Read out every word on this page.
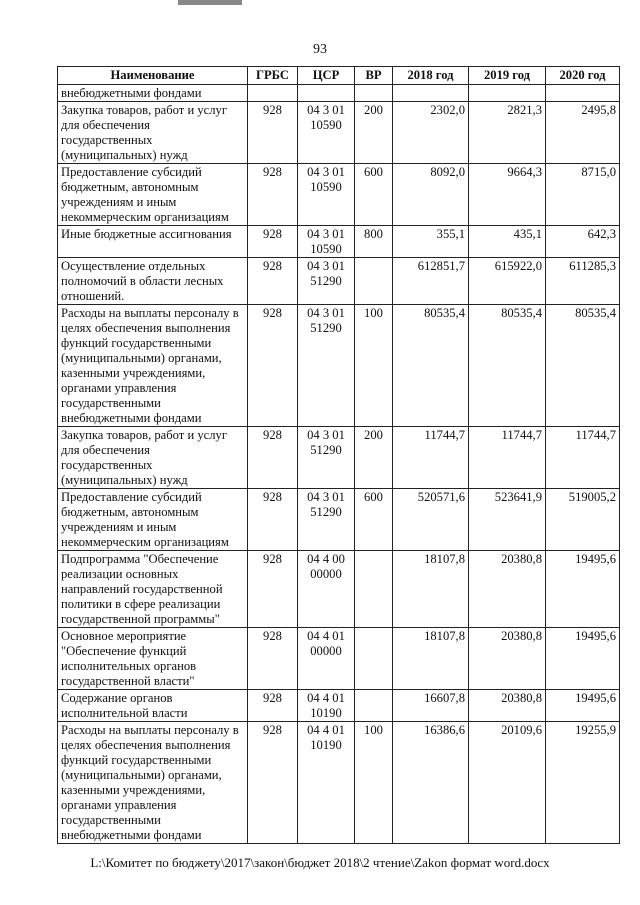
93
Наименование	ГРБС	ЦСР	ВР	2018 год	2019 год	2020 год
внебюджетными фондами						
Закупка товаров, работ и услуг для обеспечения государственных (муниципальных) нужд	928	04 3 01 10590	200	2302,0	2821,3	2495,8
Предоставление субсидий бюджетным, автономным учреждениям и иным некоммерческим организациям	928	04 3 01 10590	600	8092,0	9664,3	8715,0
Иные бюджетные ассигнования	928	04 3 01 10590	800	355,1	435,1	642,3
Осуществление отдельных полномочий в области лесных отношений.	928	04 3 01 51290		612851,7	615922,0	611285,3
Расходы на выплаты персоналу в целях обеспечения выполнения функций государственными (муниципальными) органами, казенными учреждениями, органами управления государственными внебюджетными фондами	928	04 3 01 51290	100	80535,4	80535,4	80535,4
Закупка товаров, работ и услуг для обеспечения государственных (муниципальных) нужд	928	04 3 01 51290	200	11744,7	11744,7	11744,7
Предоставление субсидий бюджетным, автономным учреждениям и иным некоммерческим организациям	928	04 3 01 51290	600	520571,6	523641,9	519005,2
Подпрограмма "Обеспечение реализации основных направлений государственной политики в сфере реализации государственной программы"	928	04 4 00 00000		18107,8	20380,8	19495,6
Основное мероприятие "Обеспечение функций исполнительных органов государственной власти"	928	04 4 01 00000		18107,8	20380,8	19495,6
Содержание органов исполнительной власти	928	04 4 01 10190		16607,8	20380,8	19495,6
Расходы на выплаты персоналу в целях обеспечения выполнения функций государственными (муниципальными) органами, казенными учреждениями, органами управления государственными внебюджетными фондами	928	04 4 01 10190	100	16386,6	20109,6	19255,9
L:\Комитет по бюджету\2017\закон\бюджет 2018\2 чтение\Zakon формат word.docx
